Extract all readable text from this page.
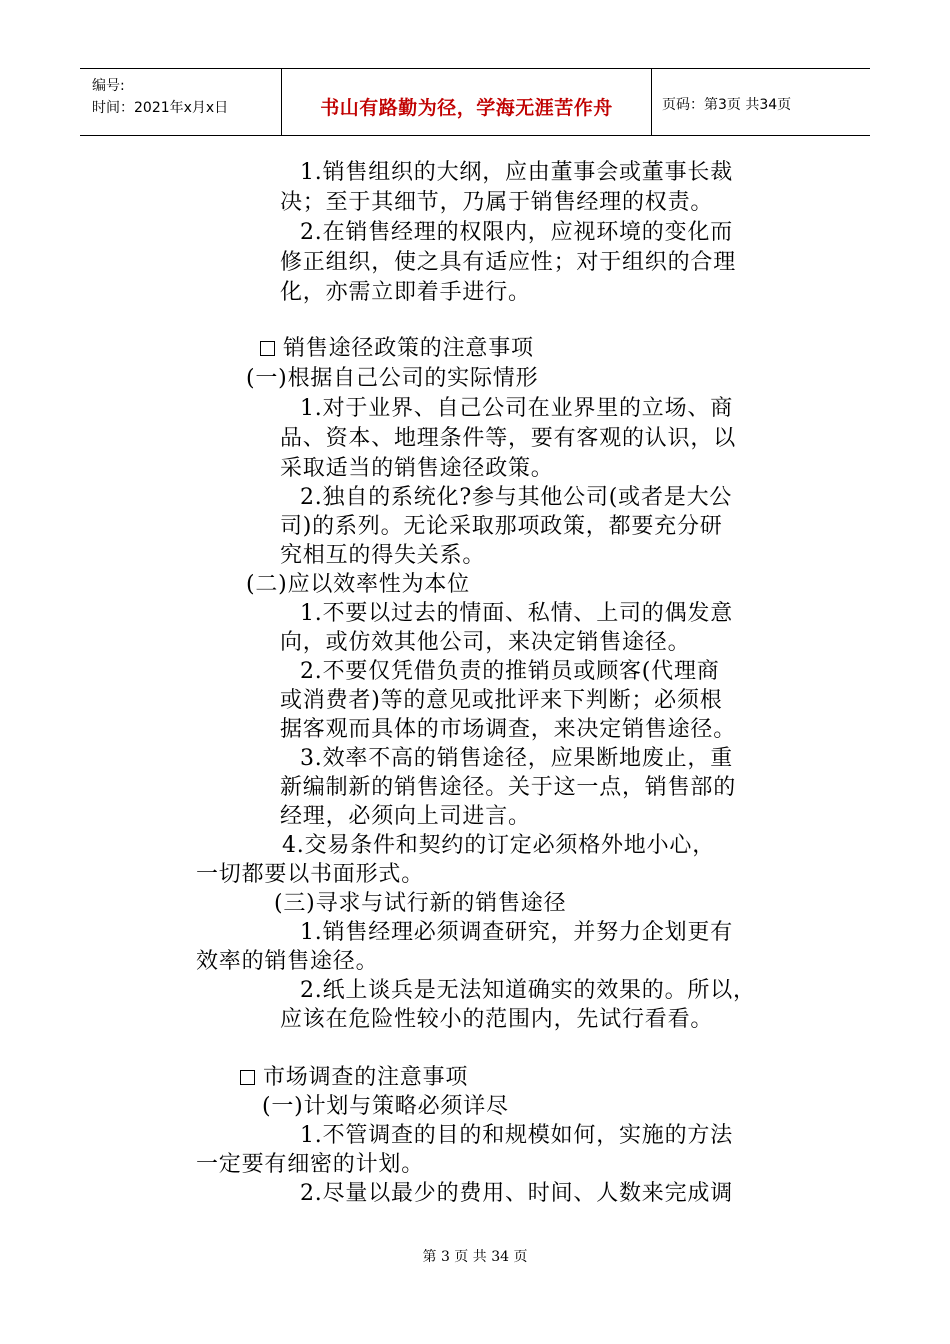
编号:
时间：2021年x月x日	书山有路勤为径，学海无涯苦作舟	页码：第3页 共34页
1.销售组织的大纲，应由董事会或董事长裁
决；至于其细节，乃属于销售经理的权责。
2.在销售经理的权限内，应视环境的变化而
修正组织，使之具有适应性；对于组织的合理
化，亦需立即着手进行。
销售途径政策的注意事项
(一)根据自己公司的实际情形
1.对于业界、自己公司在业界里的立场、商
品、资本、地理条件等，要有客观的认识，以
采取适当的销售途径政策。
2.独自的系统化?参与其他公司(或者是大公
司)的系列。无论采取那项政策，都要充分研
究相互的得失关系。
(二)应以效率性为本位
1.不要以过去的情面、私情、上司的偶发意
向，或仿效其他公司，来决定销售途径。
2.不要仅凭借负责的推销员或顾客(代理商
或消费者)等的意见或批评来下判断；必须根
据客观而具体的市场调查，来决定销售途径。
3.效率不高的销售途径，应果断地废止，重
新编制新的销售途径。关于这一点，销售部的
经理，必须向上司进言。
4.交易条件和契约的订定必须格外地小心，
一切都要以书面形式。
(三)寻求与试行新的销售途径
1.销售经理必须调查研究，并努力企划更有
效率的销售途径。
2.纸上谈兵是无法知道确实的效果的。所以，
应该在危险性较小的范围内，先试行看看。
市场调查的注意事项
(一)计划与策略必须详尽
1.不管调查的目的和规模如何，实施的方法
一定要有细密的计划。
2.尽量以最少的费用、时间、人数来完成调
第 3 页 共 34 页
